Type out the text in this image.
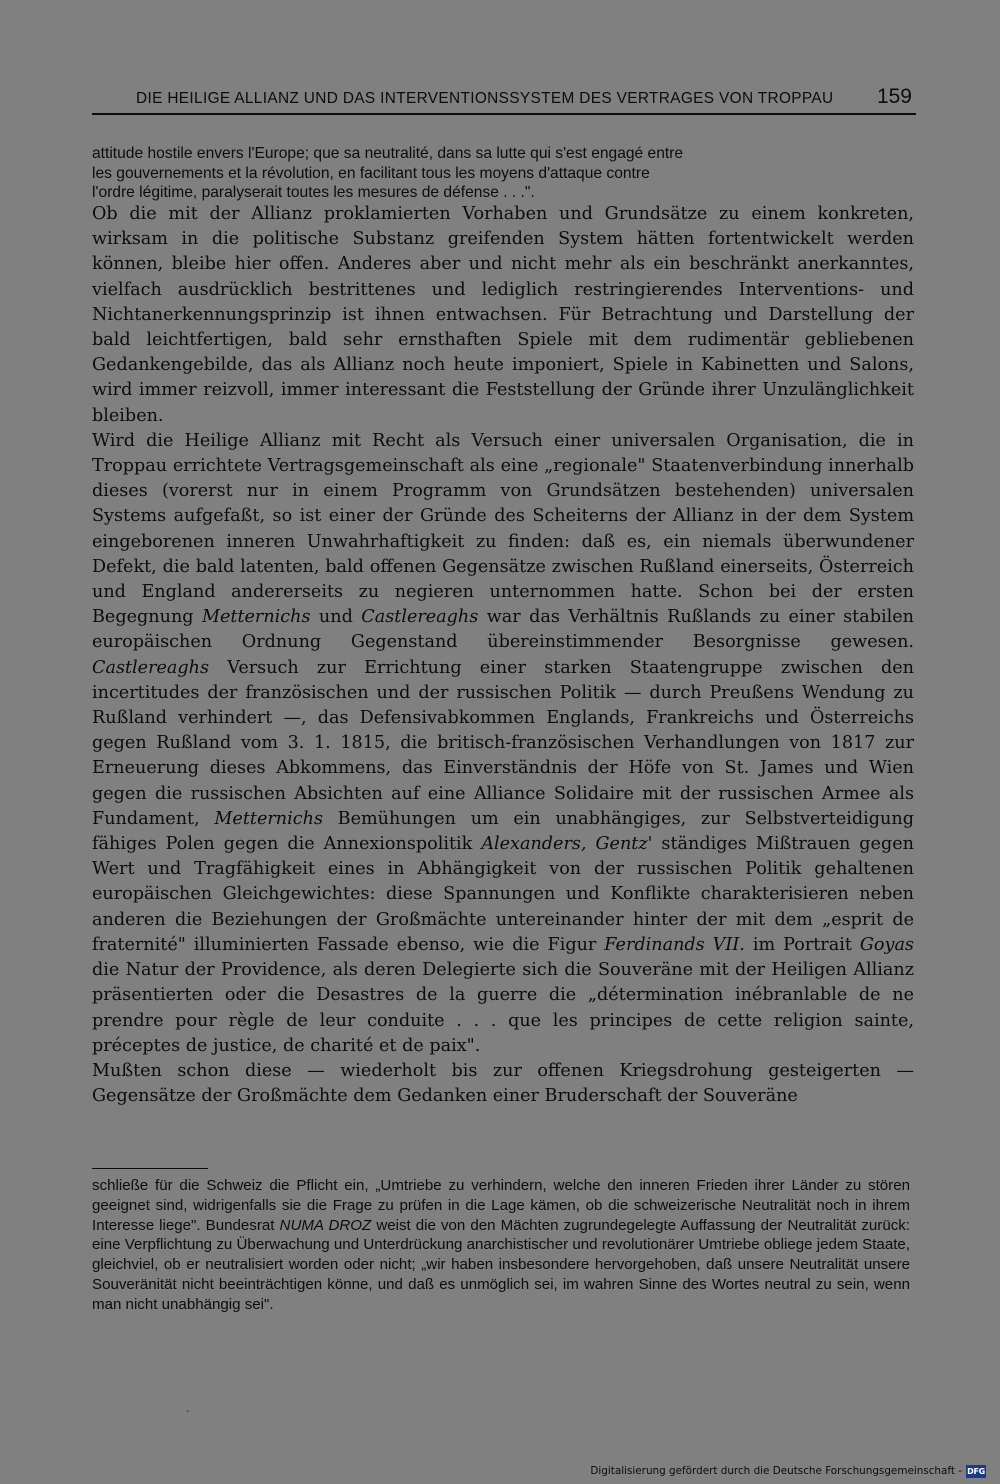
DIE HEILIGE ALLIANZ UND DAS INTERVENTIONSSYSTEM DES VERTRAGES VON TROPPAU 159
attitude hostile envers l'Europe; que sa neutralité, dans sa lutte qui s'est engagé entre
les gouvernements et la révolution, en facilitant tous les moyens d'attaque contre
l'ordre légitime, paralyserait toutes les mesures de défense . . .".

Ob die mit der Allianz proklamierten Vorhaben und Grundsätze zu einem konkreten, wirksam in die politische Substanz greifenden System hätten fortentwickelt werden können, bleibe hier offen. Anderes aber und nicht mehr als ein beschränkt anerkanntes, vielfach ausdrücklich bestrittenes und lediglich restringierendes Interventions- und Nichtanerkennungsprinzip ist ihnen entwachsen. Für Betrachtung und Darstellung der bald leichtfertigen, bald sehr ernsthaften Spiele mit dem rudimentär gebliebenen Gedankengebilde, das als Allianz noch heute imponiert, Spiele in Kabinetten und Salons, wird immer reizvoll, immer interessant die Feststellung der Gründe ihrer Unzulänglichkeit bleiben.

Wird die Heilige Allianz mit Recht als Versuch einer universalen Organisation, die in Troppau errichtete Vertragsgemeinschaft als eine „regionale" Staatenverbindung innerhalb dieses (vorerst nur in einem Programm von Grundsätzen bestehenden) universalen Systems aufgefaßt, so ist einer der Gründe des Scheiterns der Allianz in der dem System eingeborenen inneren Unwahrhaftigkeit zu finden: daß es, ein niemals überwundener Defekt, die bald latenten, bald offenen Gegensätze zwischen Rußland einerseits, Österreich und England andererseits zu negieren unternommen hatte. Schon bei der ersten Begegnung Metternichs und Castlereaghs war das Verhältnis Rußlands zu einer stabilen europäischen Ordnung Gegenstand übereinstimmender Besorgnisse gewesen. Castlereaghs Versuch zur Errichtung einer starken Staatengruppe zwischen den incertitudes der französischen und der russischen Politik — durch Preußens Wendung zu Rußland verhindert —, das Defensivabkommen Englands, Frankreichs und Österreichs gegen Rußland vom 3. 1. 1815, die britisch-französischen Verhandlungen von 1817 zur Erneuerung dieses Abkommens, das Einverständnis der Höfe von St. James und Wien gegen die russischen Absichten auf eine Alliance Solidaire mit der russischen Armee als Fundament, Metternichs Bemühungen um ein unabhängiges, zur Selbstverteidigung fähiges Polen gegen die Annexionspolitik Alexanders, Gentz' ständiges Mißtrauen gegen Wert und Tragfähigkeit eines in Abhängigkeit von der russischen Politik gehaltenen europäischen Gleichgewichtes: diese Spannungen und Konflikte charakterisieren neben anderen die Beziehungen der Großmächte untereinander hinter der mit dem „esprit de fraternité" illuminierten Fassade ebenso, wie die Figur Ferdinands VII. im Portrait Goyas die Natur der Providence, als deren Delegierte sich die Souveräne mit der Heiligen Allianz präsentierten oder die Desastres de la guerre die „détermination inébranlable de ne prendre pour règle de leur conduite . . . que les principes de cette religion sainte, préceptes de justice, de charité et de paix".

Mußten schon diese — wiederholt bis zur offenen Kriegsdrohung gesteigerten — Gegensätze der Großmächte dem Gedanken einer Bruderschaft der Souveräne

schließe für die Schweiz die Pflicht ein, „Umtriebe zu verhindern, welche den inneren Frieden ihrer Länder zu stören geeignet sind, widrigenfalls sie die Frage zu prüfen in die Lage kämen, ob die schweizerische Neutralität noch in ihrem Interesse liege". Bundesrat NUMA DROZ weist die von den Mächten zugrundegelegte Auffassung der Neutralität zurück: eine Verpflichtung zu Überwachung und Unterdrückung anarchistischer und revolutionärer Umtriebe obliege jedem Staate, gleichviel, ob er neutralisiert worden oder nicht; „wir haben insbesondere hervorgehoben, daß unsere Neutralität unsere Souveränität nicht beeinträchtigen könne, und daß es unmöglich sei, im wahren Sinne des Wortes neutral zu sein, wenn man nicht unabhängig sei".
`
Digitalisierung gefördert durch die Deutsche Forschungsgemeinschaft - DFG
